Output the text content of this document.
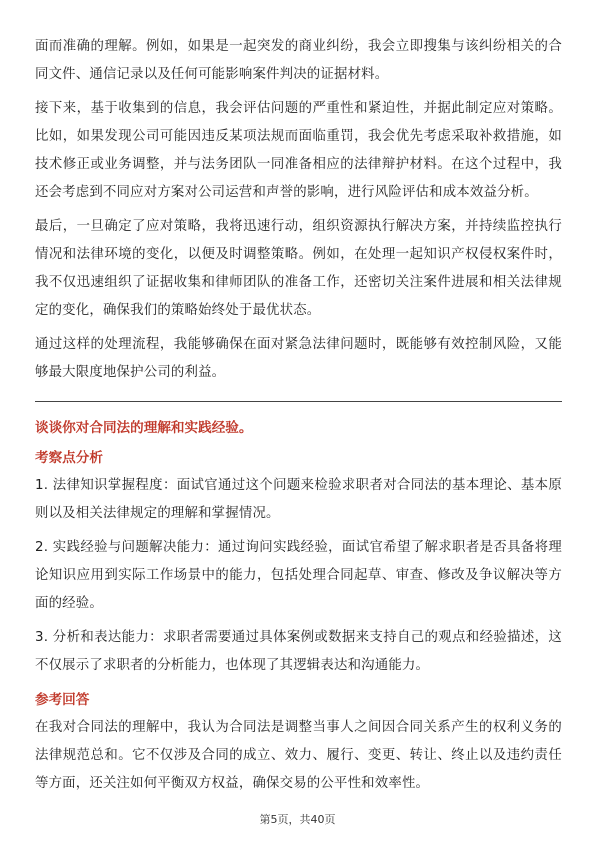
面而准确的理解。例如，如果是一起突发的商业纠纷，我会立即搜集与该纠纷相关的合同文件、通信记录以及任何可能影响案件判决的证据材料。

接下来，基于收集到的信息，我会评估问题的严重性和紧迫性，并据此制定应对策略。比如，如果发现公司可能因违反某项法规而面临重罚，我会优先考虑采取补救措施，如技术修正或业务调整，并与法务团队一同准备相应的法律辩护材料。在这个过程中，我还会考虑到不同应对方案对公司运营和声誉的影响，进行风险评估和成本效益分析。

最后，一旦确定了应对策略，我将迅速行动，组织资源执行解决方案，并持续监控执行情况和法律环境的变化，以便及时调整策略。例如，在处理一起知识产权侵权案件时，我不仅迅速组织了证据收集和律师团队的准备工作，还密切关注案件进展和相关法律规定的变化，确保我们的策略始终处于最优状态。

通过这样的处理流程，我能够确保在面对紧急法律问题时，既能够有效控制风险，又能够最大限度地保护公司的利益。

谈谈你对合同法的理解和实践经验。

考察点分析

1. 法律知识掌握程度：面试官通过这个问题来检验求职者对合同法的基本理论、基本原则以及相关法律规定的理解和掌握情况。

2. 实践经验与问题解决能力：通过询问实践经验，面试官希望了解求职者是否具备将理论知识应用到实际工作场景中的能力，包括处理合同起草、审查、修改及争议解决等方面的经验。

3. 分析和表达能力：求职者需要通过具体案例或数据来支持自己的观点和经验描述，这不仅展示了求职者的分析能力，也体现了其逻辑表达和沟通能力。

参考回答

在我对合同法的理解中，我认为合同法是调整当事人之间因合同关系产生的权利义务的法律规范总和。它不仅涉及合同的成立、效力、履行、变更、转让、终止以及违约责任等方面，还关注如何平衡双方权益，确保交易的公平性和效率性。

第5页，共40页
